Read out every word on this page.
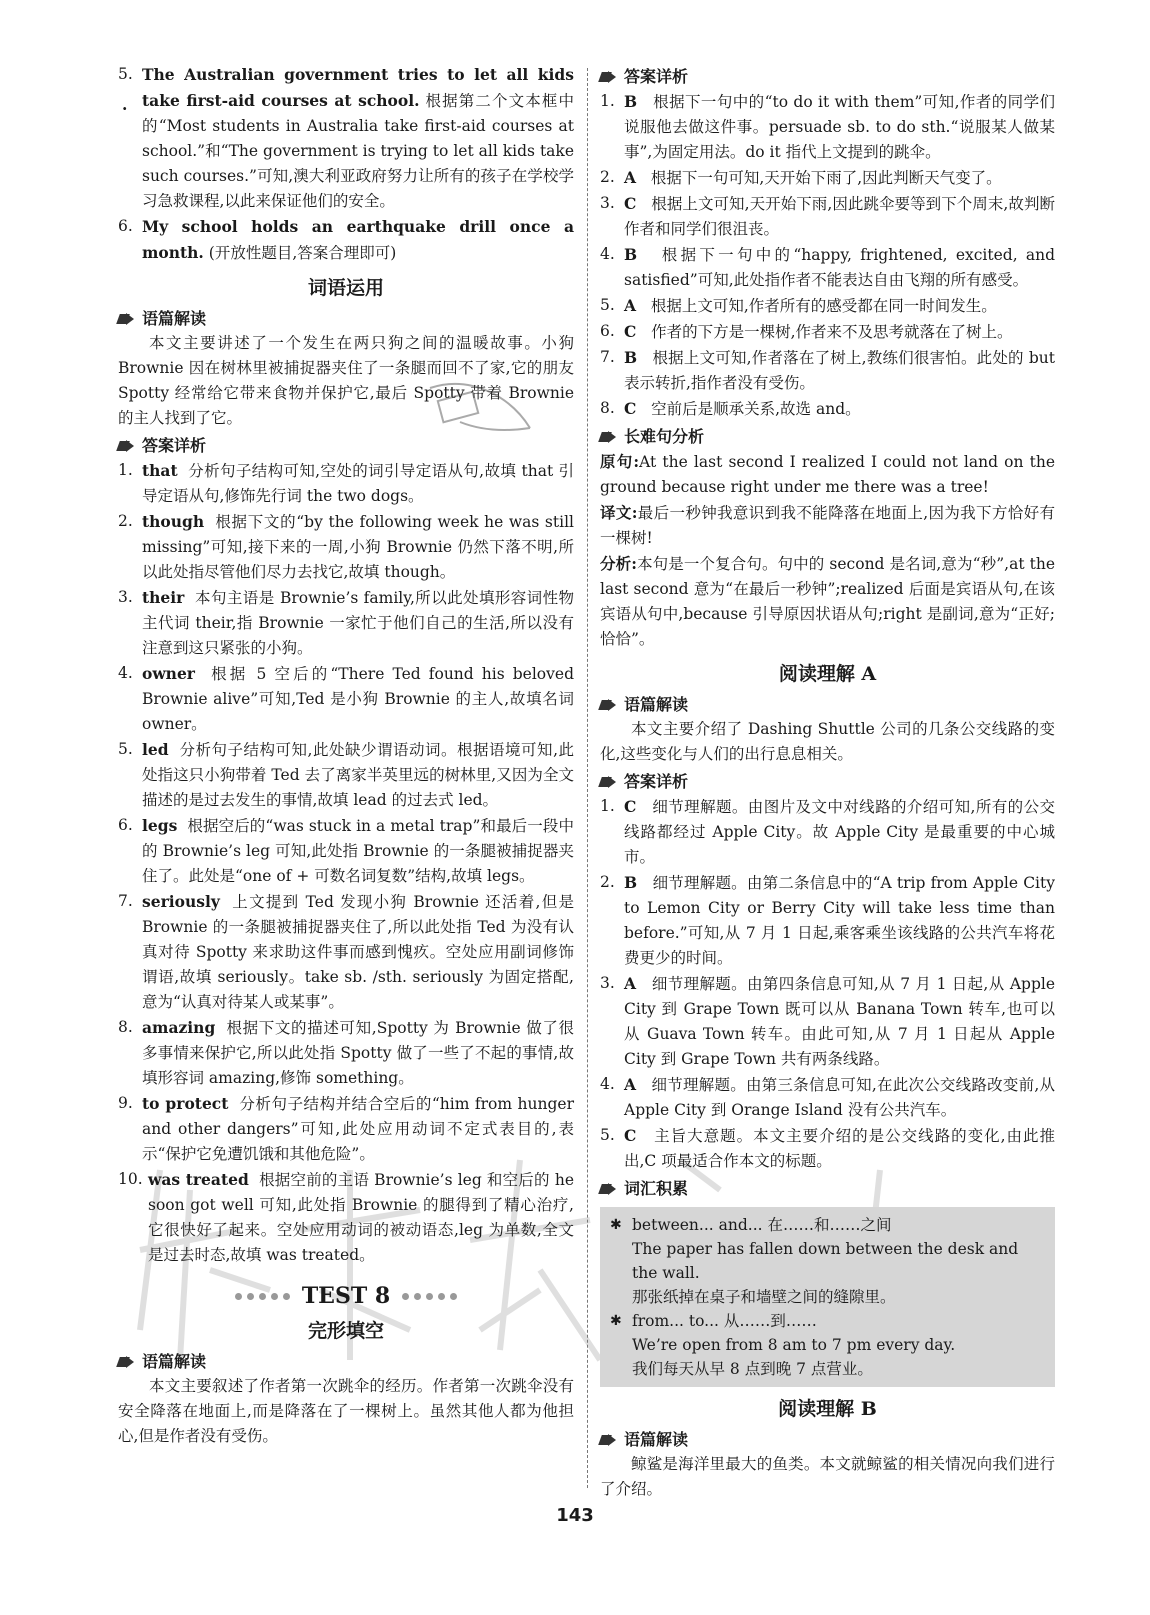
·
5. The Australian government tries to let all kids take first-aid courses at school. 根据第二个文本框中的“Most students in Australia take first-aid courses at school.”和“The government is trying to let all kids take such courses.”可知,澳大利亚政府努力让所有的孩子在学校学习急救课程,以此来保证他们的安全。
6. My school holds an earthquake drill once a month. (开放性题目,答案合理即可)
词语运用
语篇解读
本文主要讲述了一个发生在两只狗之间的温暖故事。小狗 Brownie 因在树林里被捕捉器夹住了一条腿而回不了家,它的朋友 Spotty 经常给它带来食物并保护它,最后 Spotty 带着 Brownie 的主人找到了它。
答案详析
1. that 分析句子结构可知,空处的词引导定语从句,故填 that 引导定语从句,修饰先行词 the two dogs。
2. though 根据下文的“by the following week he was still missing”可知,接下来的一周,小狗 Brownie 仍然下落不明,所以此处指尽管他们尽力去找它,故填 though。
3. their 本句主语是 Brownie’s family,所以此处填形容词性物主代词 their,指 Brownie 一家忙于他们自己的生活,所以没有注意到这只紧张的小狗。
4. owner 根据 5 空后的“There Ted found his beloved Brownie alive”可知,Ted 是小狗 Brownie 的主人,故填名词 owner。
5. led 分析句子结构可知,此处缺少谓语动词。根据语境可知,此处指这只小狗带着 Ted 去了离家半英里远的树林里,又因为全文描述的是过去发生的事情,故填 lead 的过去式 led。
6. legs 根据空后的“was stuck in a metal trap”和最后一段中的 Brownie’s leg 可知,此处指 Brownie 的一条腿被捕捉器夹住了。此处是“one of + 可数名词复数”结构,故填 legs。
7. seriously 上文提到 Ted 发现小狗 Brownie 还活着,但是 Brownie 的一条腿被捕捉器夹住了,所以此处指 Ted 为没有认真对待 Spotty 来求助这件事而感到愧疚。空处应用副词修饰谓语,故填 seriously。take sb. /sth. seriously 为固定搭配,意为“认真对待某人或某事”。
8. amazing 根据下文的描述可知,Spotty 为 Brownie 做了很多事情来保护它,所以此处指 Spotty 做了一些了不起的事情,故填形容词 amazing,修饰 something。
9. to protect 分析句子结构并结合空后的“him from hunger and other dangers”可知,此处应用动词不定式表目的,表示“保护它免遭饥饿和其他危险”。
10. was treated 根据空前的主语 Brownie’s leg 和空后的 he soon got well 可知,此处指 Brownie 的腿得到了精心治疗,它很快好了起来。空处应用动词的被动语态,leg 为单数,全文是过去时态,故填 was treated。
TEST 8
完形填空
语篇解读
本文主要叙述了作者第一次跳伞的经历。作者第一次跳伞没有安全降落在地面上,而是降落在了一棵树上。虽然其他人都为他担心,但是作者没有受伤。
答案详析
1. B 根据下一句中的“to do it with them”可知,作者的同学们说服他去做这件事。persuade sb. to do sth.“说服某人做某事”,为固定用法。do it 指代上文提到的跳伞。
2. A 根据下一句可知,天开始下雨了,因此判断天气变了。
3. C 根据上文可知,天开始下雨,因此跳伞要等到下个周末,故判断作者和同学们很沮丧。
4. B 根据下一句中的“happy, frightened, excited, and satisfied”可知,此处指作者不能表达自由飞翔的所有感受。
5. A 根据上文可知,作者所有的感受都在同一时间发生。
6. C 作者的下方是一棵树,作者来不及思考就落在了树上。
7. B 根据上文可知,作者落在了树上,教练们很害怕。此处的 but 表示转折,指作者没有受伤。
8. C 空前后是顺承关系,故选 and。
长难句分析
原句:At the last second I realized I could not land on the ground because right under me there was a tree!
译文:最后一秒钟我意识到我不能降落在地面上,因为我下方恰好有一棵树!
分析:本句是一个复合句。句中的 second 是名词,意为“秒”,at the last second 意为“在最后一秒钟”;realized 后面是宾语从句,在该宾语从句中,because 引导原因状语从句;right 是副词,意为“正好;恰恰”。
阅读理解 A
语篇解读
本文主要介绍了 Dashing Shuttle 公司的几条公交线路的变化,这些变化与人们的出行息息相关。
答案详析
1. C 细节理解题。由图片及文中对线路的介绍可知,所有的公交线路都经过 Apple City。故 Apple City 是最重要的中心城市。
2. B 细节理解题。由第二条信息中的“A trip from Apple City to Lemon City or Berry City will take less time than before.”可知,从 7 月 1 日起,乘客乘坐该线路的公共汽车将花费更少的时间。
3. A 细节理解题。由第四条信息可知,从 7 月 1 日起,从 Apple City 到 Grape Town 既可以从 Banana Town 转车,也可以从 Guava Town 转车。由此可知,从 7 月 1 日起从 Apple City 到 Grape Town 共有两条线路。
4. A 细节理解题。由第三条信息可知,在此次公交线路改变前,从 Apple City 到 Orange Island 没有公共汽车。
5. C 主旨大意题。本文主要介绍的是公交线路的变化,由此推出,C 项最适合作本文的标题。
词汇积累
✱ between... and... 在……和……之间
The paper has fallen down between the desk and the wall.
那张纸掉在桌子和墙壁之间的缝隙里。
✱ from... to... 从……到……
We’re open from 8 am to 7 pm every day.
我们每天从早 8 点到晚 7 点营业。
阅读理解 B
语篇解读
鲸鲨是海洋里最大的鱼类。本文就鲸鲨的相关情况向我们进行了介绍。
143
